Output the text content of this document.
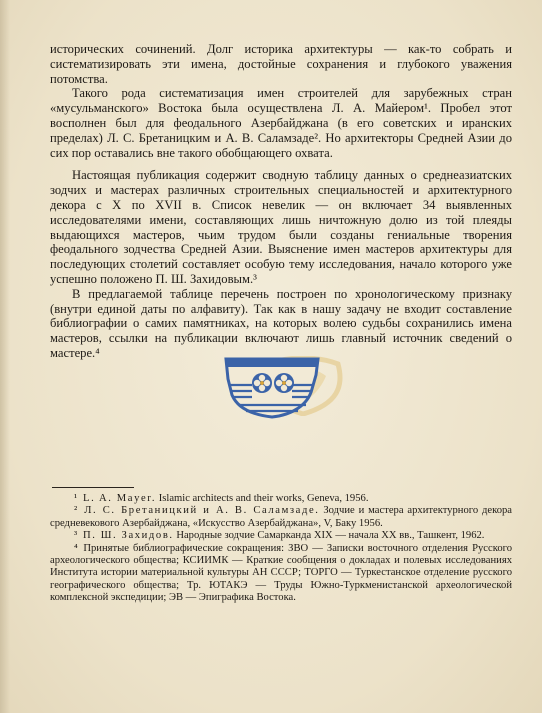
исторических сочинений. Долг историка архитектуры — как-то собрать и систематизировать эти имена, достойные сохранения и глубокого уважения потомства.

Такого рода систематизация имен строителей для зарубежных стран «мусульманского» Востока была осуществлена Л. А. Майером¹. Пробел этот восполнен был для феодального Азербайджана (в его советских и иранских пределах) Л. С. Бретаницким и А. В. Саламзаде². Но архитекторы Средней Азии до сих пор оставались вне такого обобщающего охвата.

Настоящая публикация содержит сводную таблицу данных о среднеазиатских зодчих и мастерах различных строительных специальностей и архитектурного декора с X по XVII в. Список невелик — он включает 34 выявленных исследователями имени, составляющих лишь ничтожную долю из той плеяды выдающихся мастеров, чьим трудом были созданы гениальные творения феодального зодчества Средней Азии. Выяснение имен мастеров архитектуры для последующих столетий составляет особую тему исследования, начало которого уже успешно положено П. Ш. Захидовым.³

В предлагаемой таблице перечень построен по хронологическому признаку (внутри единой даты по алфавиту). Так как в нашу задачу не входит составление библиографии о самих памятниках, на которых волею судьбы сохранились имена мастеров, ссылки на публикации включают лишь главный источник сведений о мастере.⁴

¹ L. A. Mayer. Islamic architects and their works, Geneva, 1956.

² Л. С. Бретаницкий и А. В. Саламзаде. Зодчие и мастера архитектурного декора средневекового Азербайджана, «Искусство Азербайджана», V, Баку 1956.

³ П. Ш. Захидов. Народные зодчие Самарканда XIX — начала XX вв., Ташкент, 1962.

⁴ Принятые библиографические сокращения: ЗВО — Записки восточного отделения Русского археологического общества; КСИИМК — Краткие сообщения о докладах и полевых исследованиях Института истории материальной культуры АН СССР; ТОРГО — Туркестанское отделение русского географического общества; Тр. ЮТАКЭ — Труды Южно-Туркменистанской археологической комплексной экспедиции; ЭВ — Эпиграфика Востока.
